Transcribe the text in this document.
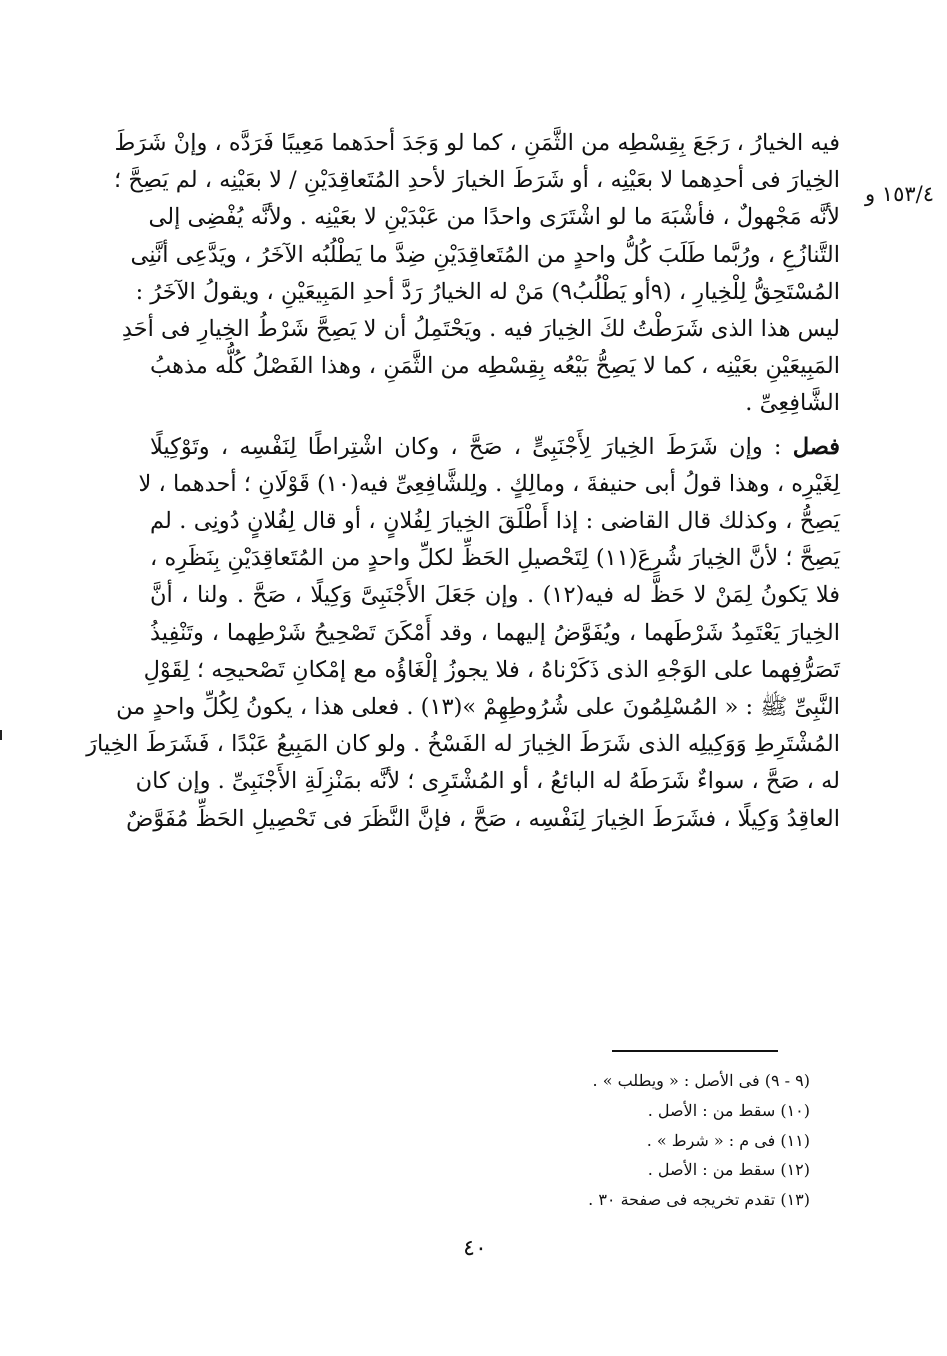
١٥٣/٤ و

فيه الخيارُ ، رَجَعَ بِقِسْطِه من الثَّمَنِ ، كما لو وَجَدَ أحدَهما مَعِيبًا فَرَدَّه ، وإنْ شَرَطَ
الخِيارَ فى أحدِهما لا بعَيْنِه ، أو شَرَطَ الخيارَ لأحدِ المُتَعاقِدَيْنِ / لا بعَيْنِه ، لم يَصِحَّ ؛
لأنَّه مَجْهولٌ ، فأشْبَهَ ما لو اشْتَرَى واحدًا من عَبْدَيْنِ لا بعَيْنِه . ولأنَّه يُفْضِى إلى
التَّنازُعِ ، ورُبَّما طَلَبَ كُلُّ واحدٍ من المُتَعاقِدَيْنِ ضِدَّ ما يَطْلُبُه الآخَرُ ، ويَدَّعِى أنَّنِى
المُسْتَحِقُّ لِلْخِيارِ ، (٩أو يَطْلُبُ٩) مَنْ له الخيارُ رَدَّ أحدِ المَبِيعَيْنِ ، ويقولُ الآخَرُ :
ليس هذا الذى شَرَطْتُ لكَ الخِيارَ فيه . ويَحْتَمِلُ أن لا يَصِحَّ شَرْطُ الخِيارِ فى أحَدِ
المَبِيعَيْنِ بعَيْنِه ، كما لا يَصِحُّ بَيْعُه بِقِسْطِه من الثَّمَنِ ، وهذا الفَصْلُ كُلُّه مذهبُ
الشَّافِعِىِّ .

فصل : وإن شَرَطَ الخِيارَ لِأَجْنَبِىٍّ ، صَحَّ ، وكان اشْتِراطًا لِنَفْسِه ، وتَوْكِيلًا
لِغَيْرِه ، وهذا قولُ أبى حنيفةَ ، ومالِكٍ . ولِلشَّافِعِىِّ فيه(١٠) قَوْلَانِ ؛ أحدهما ، لا
يَصِحُّ ، وكذلك قال القاضى : إذا أَطْلَقَ الخِيارَ لِفُلانٍ ، أو قال لِفُلانٍ دُونِى . لم
يَصِحَّ ؛ لأنَّ الخِيارَ شُرِعَ(١١) لِتَحْصيلِ الحَظِّ لكلِّ واحدٍ من المُتَعاقِدَيْنِ بِنَظَرِه ،
فلا يَكونُ لِمَنْ لا حَظَّ له فيه(١٢) . وإن جَعَلَ الأَجْنَبِىَّ وَكِيلًا ، صَحَّ . ولنا ، أنَّ
الخِيارَ يَعْتَمِدُ شَرْطَهما ، ويُفَوَّضُ إليهما ، وقد أَمْكَنَ تَصْحِيحُ شَرْطِهما ، وتَنْفِيذُ
تَصَرُّفِهما على الوَجْهِ الذى ذَكَرْناهُ ، فلا يجوزُ إلْغَاؤُه مع إمْكانِ تَصْحيحِه ؛ لِقَوْلِ
النَّبِىِّ ﷺ : « المُسْلِمُونَ على شُرُوطِهِمْ »(١٣) . فعلى هذا ، يكونُ لِكُلِّ واحدٍ من
المُشْتَرِطِ وَوَكِيلِه الذى شَرَطَ الخِيارَ له الفَسْخُ . ولو كان المَبِيعُ عَبْدًا ، فَشَرَطَ الخِيارَ
له ، صَحَّ ، سواءٌ شَرَطَهُ له البائعُ ، أو المُشْتَرِى ؛ لأنَّه بمَنْزِلَةِ الأَجْنَبِىِّ . وإن كان
العاقِدُ وَكِيلًا ، فشَرَطَ الخِيارَ لِنَفْسِه ، صَحَّ ، فإنَّ النَّظَرَ فى تَحْصِيلِ الحَظِّ مُفَوَّضٌ

(٩ - ٩) فى الأصل : « ويطلب » .
(١٠) سقط من : الأصل .
(١١) فى م : « شرط » .
(١٢) سقط من : الأصل .
(١٣) تقدم تخريجه فى صفحة ٣٠ .
٤٠
